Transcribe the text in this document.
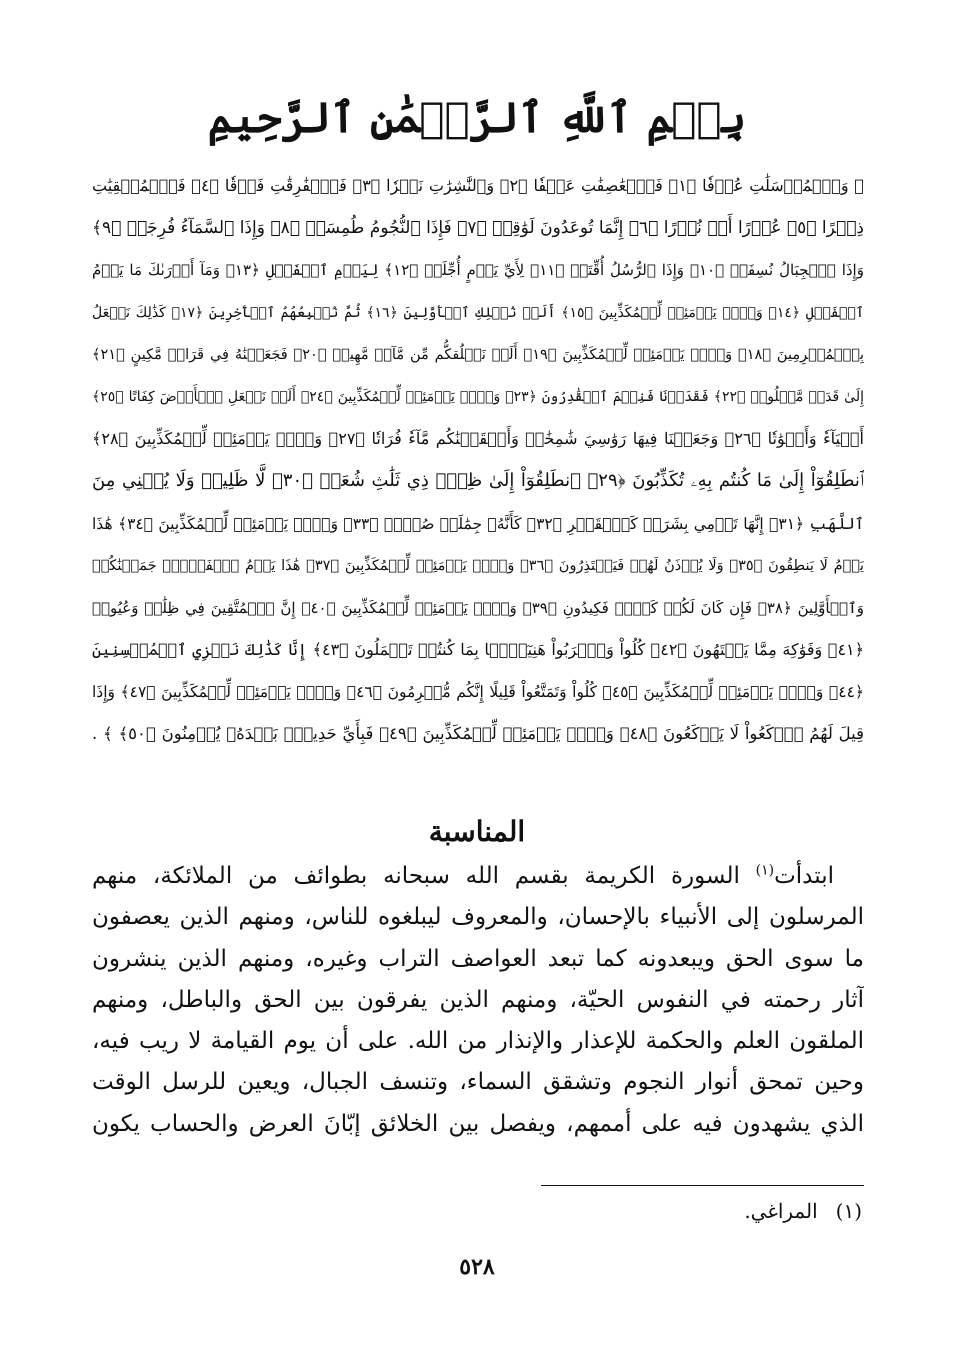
بِسۡمِ ٱللَّهِ ٱلرَّحۡمَٰنِ ٱلرَّحِيمِ
﴿ وَٱلۡمُرۡسَلَٰتِ عُرۡفٗا ﴿١﴾ فَٱلۡعَٰصِفَٰتِ عَصۡفٗا ﴿٢﴾ وَٱلنَّٰشِرَٰتِ نَشۡرٗا ﴿٣﴾ فَٱلۡفَٰرِقَٰتِ فَرۡقٗا ﴿٤﴾ فَٱلۡمُلۡقِيَٰتِ
ذِكۡرًا ﴿٥﴾ عُذۡرًا أَوۡ نُذۡرًا ﴿٦﴾ إِنَّمَا تُوعَدُونَ لَوَٰقِعٞ ﴿٧﴾ فَإِذَا ٱلنُّجُومُ طُمِسَتۡ ﴿٨﴾ وَإِذَا ٱلسَّمَآءُ فُرِجَتۡ ﴿٩﴾
وَإِذَا ٱلۡجِبَالُ نُسِفَتۡ ﴿١٠﴾ وَإِذَا ٱلرُّسُلُ أُقِّتَتۡ ﴿١١﴾ لِأَيِّ يَوۡمٍ أُجِّلَتۡ ﴿١٢﴾ لِيَوۡمِ ٱلۡفَصۡلِ ﴿١٣﴾ وَمَآ أَدۡرَىٰكَ مَا يَوۡمُ
ٱلۡفَصۡلِ ﴿١٤﴾ وَيۡلٞ يَوۡمَئِذٖ لِّلۡمُكَذِّبِينَ ﴿١٥﴾ أَلَمۡ نُهۡلِكِ ٱلۡأَوَّلِينَ ﴿١٦﴾ ثُمَّ نُتۡبِعُهُمُ ٱلۡأٓخِرِينَ ﴿١٧﴾ كَذَٰلِكَ نَفۡعَلُ
بِٱلۡمُجۡرِمِينَ ﴿١٨﴾ وَيۡلٞ يَوۡمَئِذٖ لِّلۡمُكَذِّبِينَ ﴿١٩﴾ أَلَمۡ نَخۡلُقكُّم مِّن مَّآءٖ مَّهِينٖ ﴿٢٠﴾ فَجَعَلۡنَٰهُ فِي قَرَارٖ مَّكِينٍ ﴿٢١﴾
إِلَىٰ قَدَرٖ مَّعۡلُومٖ ﴿٢٢﴾ فَقَدَرۡنَا فَنِعۡمَ ٱلۡقَٰدِرُونَ ﴿٢٣﴾ وَيۡلٞ يَوۡمَئِذٖ لِّلۡمُكَذِّبِينَ ﴿٢٤﴾ أَلَمۡ نَجۡعَلِ ٱلۡأَرۡضَ كِفَاتًا ﴿٢٥﴾
أَحۡيَآءٗ وَأَمۡوَٰتٗا ﴿٢٦﴾ وَجَعَلۡنَا فِيهَا رَوَٰسِيَ شَٰمِخَٰتٖ وَأَسۡقَيۡنَٰكُم مَّآءٗ فُرَاتٗا ﴿٢٧﴾ وَيۡلٞ يَوۡمَئِذٖ لِّلۡمُكَذِّبِينَ ﴿٢٨﴾
ٱنطَلِقُوٓاْ إِلَىٰ مَا كُنتُم بِهِۦ تُكَذِّبُونَ ﴿٢٩﴾ ٱنطَلِقُوٓاْ إِلَىٰ ظِلّٖ ذِي ثَلَٰثِ شُعَبٖ ﴿٣٠﴾ لَّا ظَلِيلٖ وَلَا يُغۡنِي مِنَ
ٱللَّهَبِ ﴿٣١﴾ إِنَّهَا تَرۡمِي بِشَرَرٖ كَٱلۡقَصۡرِ ﴿٣٢﴾ كَأَنَّهُۥ جِمَٰلَتٞ صُفۡرٞ ﴿٣٣﴾ وَيۡلٞ يَوۡمَئِذٖ لِّلۡمُكَذِّبِينَ ﴿٣٤﴾ هَٰذَا
يَوۡمُ لَا يَنطِقُونَ ﴿٣٥﴾ وَلَا يُؤۡذَنُ لَهُمۡ فَيَعۡتَذِرُونَ ﴿٣٦﴾ وَيۡلٞ يَوۡمَئِذٖ لِّلۡمُكَذِّبِينَ ﴿٣٧﴾ هَٰذَا يَوۡمُ ٱلۡفَصۡلِۖ جَمَعۡنَٰكُمۡ
وَٱلۡأَوَّلِينَ ﴿٣٨﴾ فَإِن كَانَ لَكُمۡ كَيۡدٞ فَكِيدُونِ ﴿٣٩﴾ وَيۡلٞ يَوۡمَئِذٖ لِّلۡمُكَذِّبِينَ ﴿٤٠﴾ إِنَّ ٱلۡمُتَّقِينَ فِي ظِلَٰلٖ وَعُيُونٖ
﴿٤١﴾ وَفَوَٰكِهَ مِمَّا يَشۡتَهُونَ ﴿٤٢﴾ كُلُواْ وَٱشۡرَبُواْ هَنِيٓـَٔۢا بِمَا كُنتُمۡ تَعۡمَلُونَ ﴿٤٣﴾ إِنَّا كَذَٰلِكَ نَجۡزِي ٱلۡمُحۡسِنِينَ
﴿٤٤﴾ وَيۡلٞ يَوۡمَئِذٖ لِّلۡمُكَذِّبِينَ ﴿٤٥﴾ كُلُواْ وَتَمَتَّعُواْ قَلِيلًا إِنَّكُم مُّجۡرِمُونَ ﴿٤٦﴾ وَيۡلٞ يَوۡمَئِذٖ لِّلۡمُكَذِّبِينَ ﴿٤٧﴾ وَإِذَا
قِيلَ لَهُمُ ٱرۡكَعُواْ لَا يَرۡكَعُونَ ﴿٤٨﴾ وَيۡلٞ يَوۡمَئِذٖ لِّلۡمُكَذِّبِينَ ﴿٤٩﴾ فَبِأَيِّ حَدِيثِۭ بَعۡدَهُۥ يُؤۡمِنُونَ ﴿٥٠﴾ ﴾ .
المناسبة
ابتدأت$^{(١)}$ السورة الكريمة بقسم الله سبحانه بطوائف من الملائكة، منهم
المرسلون إلى الأنبياء بالإحسان، والمعروف ليبلغوه للناس، ومنهم الذين يعصفون
ما سوى الحق ويبعدونه كما تبعد العواصف التراب وغيره، ومنهم الذين ينشرون
آثار رحمته في النفوس الحيّة، ومنهم الذين يفرقون بين الحق والباطل، ومنهم
الملقون العلم والحكمة للإعذار والإنذار من الله. على أن يوم القيامة لا ريب فيه،
وحين تمحق أنوار النجوم وتشقق السماء، وتنسف الجبال، ويعين للرسل الوقت
الذي يشهدون فيه على أممهم، ويفصل بين الخلائق إبّانَ العرض والحساب يكون
(١)المراغي.
٥٢٨
